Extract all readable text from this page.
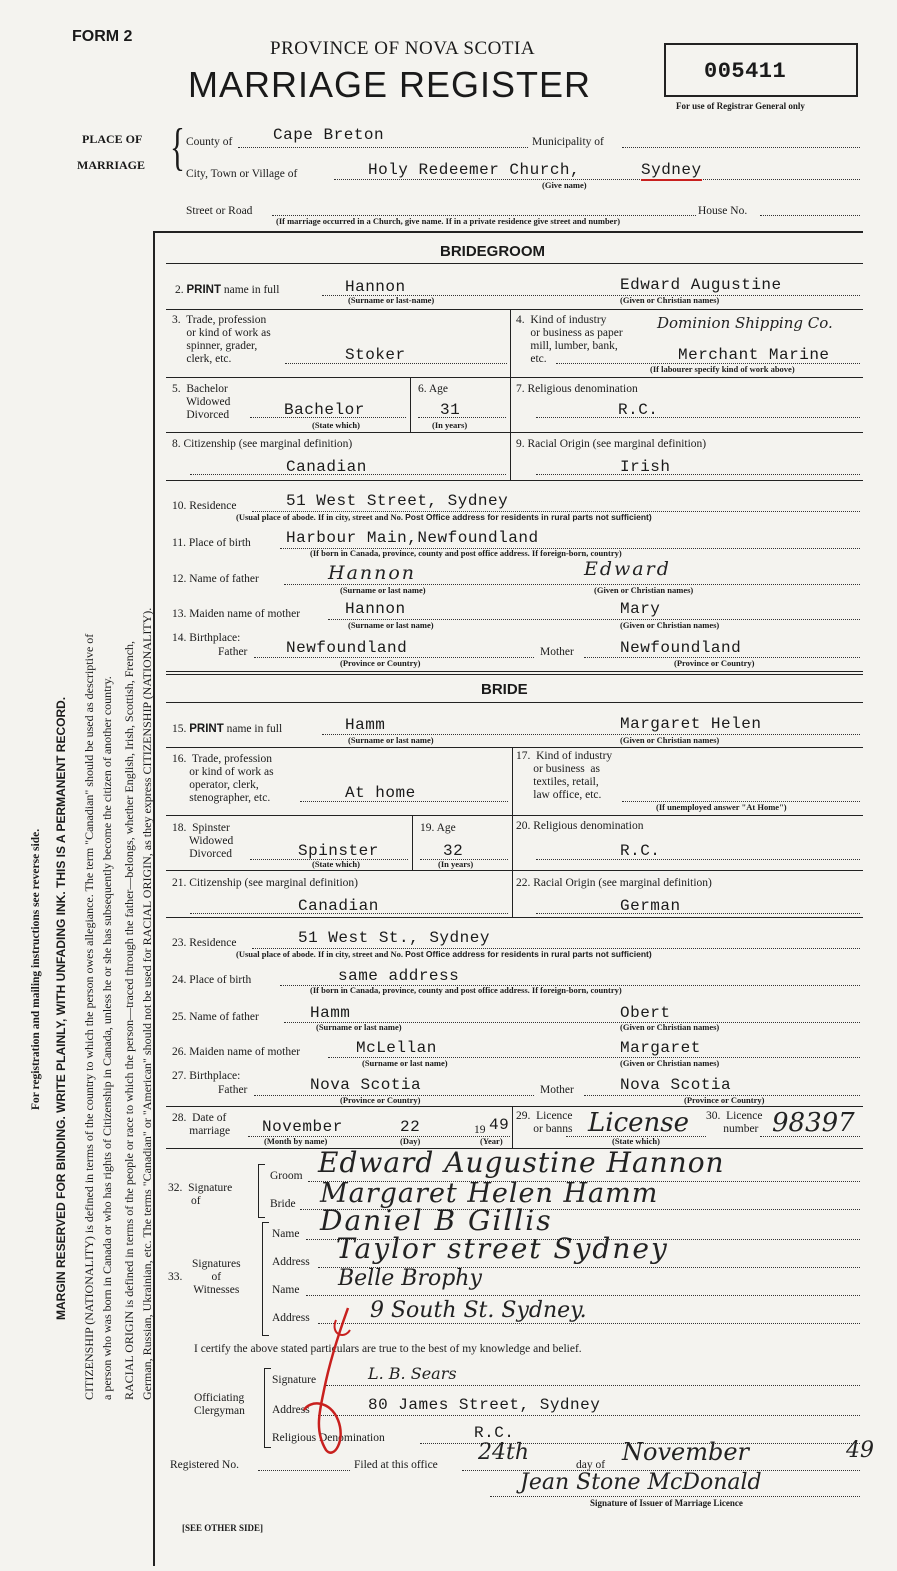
FORM 2
PROVINCE OF NOVA SCOTIA
MARRIAGE REGISTER	005411
For use of Registrar General only
For registration and mailing instructions see reverse side. MARGIN RESERVED FOR BINDING. WRITE PLAINLY, WITH UNFADING INK. THIS IS A PERMANENT RECORD. CITIZENSHIP (NATIONALITY) is defined in terms of the country to which the person owes allegiance. The term "Canadian" should be used as descriptive of a person who was born in Canada or who has rights of Citizenship in Canada, unless he or she has subsequently become the citizen of another country. RACIAL ORIGIN is defined in terms of the people or race to which the person—traced through the father—belongs, whether English, Irish, Scottish, French, German, Russian, Ukrainian, etc. The terms "Canadian" or "American" should not be used for RACIAL ORIGIN, as they express CITIZENSHIP (NATIONALITY).
PLACE OF
MARRIAGE { County of	Cape Breton	Municipality of
City, Town or Village of	Holy Redeemer Church,	Sydney
(Give name)
Street or Road	House No.
(If marriage occurred in a Church, give name. If in a private residence give street and number)
BRIDEGROOM
2. PRINT name in full	Hannon	Edward Augustine
(Surname or last-name)	(Given or Christian names)
3.  Trade, profession
or kind of work as
spinner, grader,
clerk, etc.	Stoker
4.  Kind of industry
or business as paper
mill, lumber, bank,
etc.
Dominion Shipping Co.
Merchant Marine
(If labourer specify kind of work above)
5.  Bachelor
Widowed
Divorced	Bachelor
(State which)
6. Age
31
(In years)
7. Religious denomination
R.C.
8. Citizenship (see marginal definition)
Canadian
9. Racial Origin (see marginal definition)
Irish
10. Residence	51 West Street, Sydney
(Usual place of abode. If in city, street and No. Post Office address for residents in rural parts not sufficient)
11. Place of birth Harbour Main,Newfoundland
(If born in Canada, province, county and post office address. If foreign-born, country)
12. Name of father	Hannon	Edward
(Surname or last name)	(Given or Christian names)
13. Maiden name of mother	Hannon	Mary
(Surname or last name)	(Given or Christian names)
14. Birthplace:
Father Newfoundland	Mother	Newfoundland
(Province or Country)	(Province or Country)
BRIDE
15. PRINT name in full	Hamm	Margaret Helen
(Surname or last name)	(Given or Christian names)
16.  Trade, profession
or kind of work as
operator, clerk,
stenographer, etc.	At home
17.  Kind of industry
or business  as
textiles, retail,
law office, etc.
(If unemployed answer "At Home")
18.  Spinster
Widowed
Divorced	Spinster
(State which)
19. Age
32
(In years)
20. Religious denomination
R.C.
21. Citizenship (see marginal definition)
Canadian
22. Racial Origin (see marginal definition)
German
23. Residence	51 West St., Sydney
(Usual place of abode. If in city, street and No. Post Office address for residents in rural parts not sufficient)
24. Place of birth	same address
(If born in Canada, province, county and post office address. If foreign-born, country)
25. Name of father	Hamm	Obert
(Surname or last name)	(Given or Christian names)
26. Maiden name of mother	McLellan	Margaret
(Surname or last name)	(Given or Christian names)
27. Birthplace:
Father	Nova Scotia	Mother	Nova Scotia
(Province or Country)	(Province or Country)
28.  Date of
marriage November	22	19 49
(Month by name)	(Day)	(Year)
29.  Licence
or banns License
(State which)
30.  Licence
number 98397
32.  Signature
of
Groom Edward Augustine Hannon
Bride Margaret Helen Hamm
33.
Signatures
of
Witnesses
Name Daniel B Gillis
Address Taylor street Sydney
Name Belle Brophy
Address	9 South St. Sydney.
I certify the above stated particulars are true to the best of my knowledge and belief.
Officiating
Clergyman
Signature	L. B. Sears
Address	80 James Street, Sydney
Religious Denomination	R.C.
Registered No.	Filed at this office 24th	day of November	49
Jean Stone McDonald
Signature of Issuer of Marriage Licence
[SEE OTHER SIDE]
